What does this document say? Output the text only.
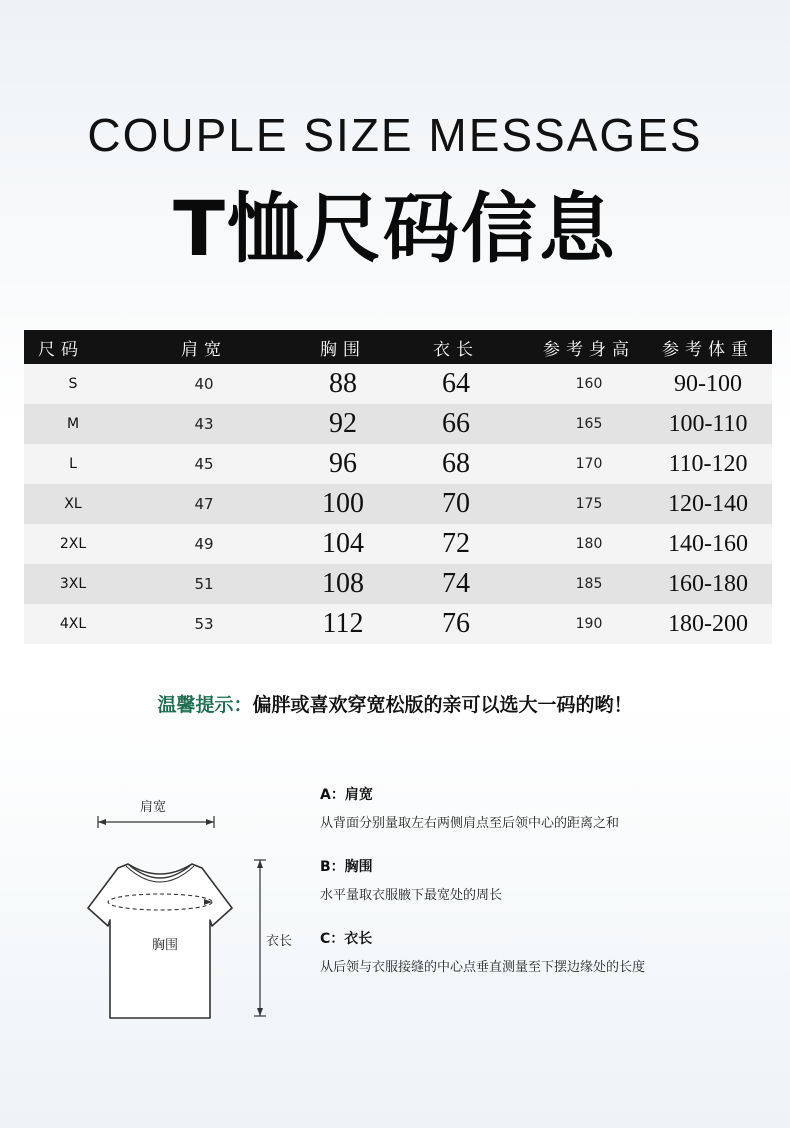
COUPLE SIZE MESSAGES
T恤尺码信息
尺码	肩宽	胸围	衣长	参考身高	参考体重
S	40	88	64	160	90-100
M	43	92	66	165	100-110
L	45	96	68	170	110-120
XL	47	100	70	175	120-140
2XL	49	104	72	180	140-160
3XL	51	108	74	185	160-180
4XL	53	112	76	190	180-200
温馨提示：偏胖或喜欢穿宽松版的亲可以选大一码的哟！
肩宽
胸围	衣长
A：肩宽
从背面分别量取左右两侧肩点至后领中心的距离之和
B：胸围
水平量取衣服腋下最宽处的周长
C：衣长
从后领与衣服接缝的中心点垂直测量至下摆边缘处的长度
